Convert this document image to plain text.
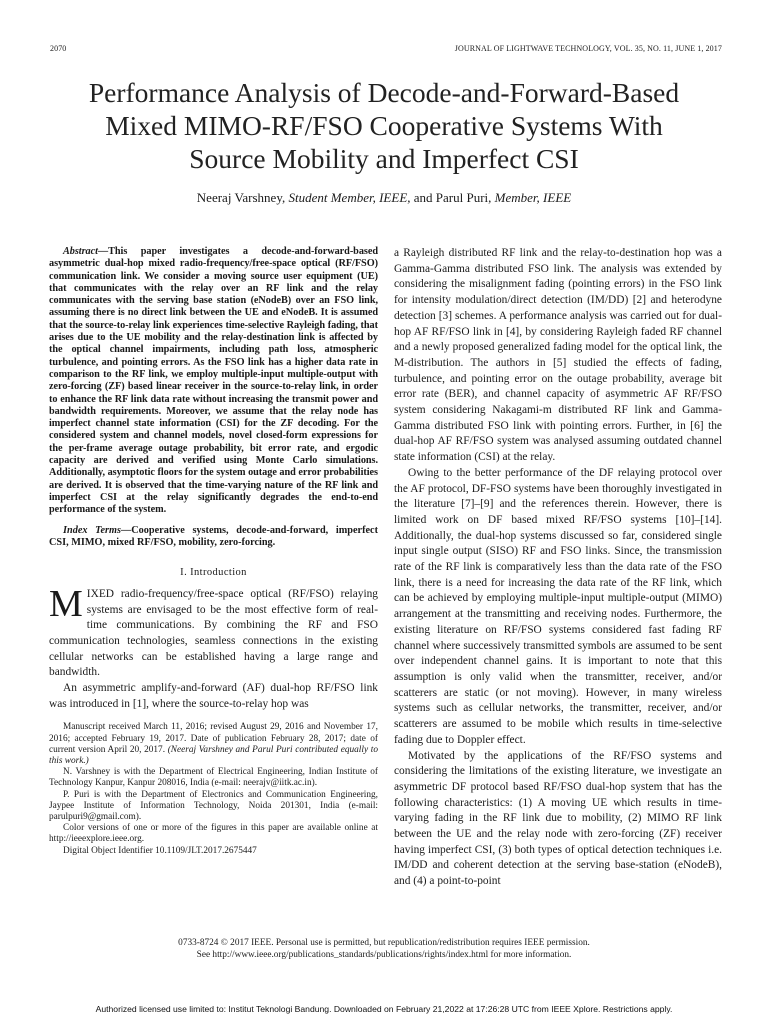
2070	JOURNAL OF LIGHTWAVE TECHNOLOGY, VOL. 35, NO. 11, JUNE 1, 2017
Performance Analysis of Decode-and-Forward-Based
Mixed MIMO-RF/FSO Cooperative Systems With
Source Mobility and Imperfect CSI
Neeraj Varshney, Student Member, IEEE, and Parul Puri, Member, IEEE

Abstract—This paper investigates a decode-and-forward-based asymmetric dual-hop mixed radio-frequency/free-space optical (RF/FSO) communication link. We consider a moving source user equipment (UE) that communicates with the relay over an RF link and the relay communicates with the serving base station (eNodeB) over an FSO link, assuming there is no direct link between the UE and eNodeB. It is assumed that the source-to-relay link experiences time-selective Rayleigh fading, that arises due to the UE mobility and the relay-destination link is affected by the optical channel impairments, including path loss, atmospheric turbulence, and pointing errors. As the FSO link has a higher data rate in comparison to the RF link, we employ multiple-input multiple-output with zero-forcing (ZF) based linear receiver in the source-to-relay link, in order to enhance the RF link data rate without increasing the transmit power and bandwidth requirements. Moreover, we assume that the relay node has imperfect channel state information (CSI) for the ZF decoding. For the considered system and channel models, novel closed-form expressions for the per-frame average outage probability, bit error rate, and ergodic capacity are derived and verified using Monte Carlo simulations. Additionally, asymptotic floors for the system outage and error probabilities are derived. It is observed that the time-varying nature of the RF link and imperfect CSI at the relay significantly degrades the end-to-end performance of the system.

Index Terms—Cooperative systems, decode-and-forward, imperfect CSI, MIMO, mixed RF/FSO, mobility, zero-forcing.
I. Introduction

MIXED radio-frequency/free-space optical (RF/FSO) relaying systems are envisaged to be the most effective form of real-time communications. By combining the RF and FSO communication technologies, seamless connections in the existing cellular networks can be established having a large range and bandwidth.

An asymmetric amplify-and-forward (AF) dual-hop RF/FSO link was introduced in [1], where the source-to-relay hop was

Manuscript received March 11, 2016; revised August 29, 2016 and November 17, 2016; accepted February 19, 2017. Date of publication February 28, 2017; date of current version April 20, 2017. (Neeraj Varshney and Parul Puri contributed equally to this work.)

N. Varshney is with the Department of Electrical Engineering, Indian Institute of Technology Kanpur, Kanpur 208016, India (e-mail: neerajv@iitk.ac.in).

P. Puri is with the Department of Electronics and Communication Engineering, Jaypee Institute of Information Technology, Noida 201301, India (e-mail: parulpuri9@gmail.com).

Color versions of one or more of the figures in this paper are available online at http://ieeexplore.ieee.org.

Digital Object Identifier 10.1109/JLT.2017.2675447

a Rayleigh distributed RF link and the relay-to-destination hop was a Gamma-Gamma distributed FSO link. The analysis was extended by considering the misalignment fading (pointing errors) in the FSO link for intensity modulation/direct detection (IM/DD) [2] and heterodyne detection [3] schemes. A performance analysis was carried out for dual-hop AF RF/FSO link in [4], by considering Rayleigh faded RF channel and a newly proposed generalized fading model for the optical link, the M-distribution. The authors in [5] studied the effects of fading, turbulence, and pointing error on the outage probability, average bit error rate (BER), and channel capacity of asymmetric AF RF/FSO system considering Nakagami-m distributed RF link and Gamma-Gamma distributed FSO link with pointing errors. Further, in [6] the dual-hop AF RF/FSO system was analysed assuming outdated channel state information (CSI) at the relay.

Owing to the better performance of the DF relaying protocol over the AF protocol, DF-FSO systems have been thoroughly investigated in the literature [7]–[9] and the references therein. However, there is limited work on DF based mixed RF/FSO systems [10]–[14]. Additionally, the dual-hop systems discussed so far, considered single input single output (SISO) RF and FSO links. Since, the transmission rate of the RF link is comparatively less than the data rate of the FSO link, there is a need for increasing the data rate of the RF link, which can be achieved by employing multiple-input multiple-output (MIMO) arrangement at the transmitting and receiving nodes. Furthermore, the existing literature on RF/FSO systems considered fast fading RF channel where successively transmitted symbols are assumed to be sent over independent channel gains. It is important to note that this assumption is only valid when the transmitter, receiver, and/or scatterers are static (or not moving). However, in many wireless systems such as cellular networks, the transmitter, receiver, and/or scatterers are assumed to be mobile which results in time-selective fading due to Doppler effect.

Motivated by the applications of the RF/FSO systems and considering the limitations of the existing literature, we investigate an asymmetric DF protocol based RF/FSO dual-hop system that has the following characteristics: (1) A moving UE which results in time-varying fading in the RF link due to mobility, (2) MIMO RF link between the UE and the relay node with zero-forcing (ZF) receiver having imperfect CSI, (3) both types of optical detection techniques i.e. IM/DD and coherent detection at the serving base-station (eNodeB), and (4) a point-to-point

0733-8724 © 2017 IEEE. Personal use is permitted, but republication/redistribution requires IEEE permission.
See http://www.ieee.org/publications_standards/publications/rights/index.html for more information.
Authorized licensed use limited to: Institut Teknologi Bandung. Downloaded on February 21,2022 at 17:26:28 UTC from IEEE Xplore. Restrictions apply.
